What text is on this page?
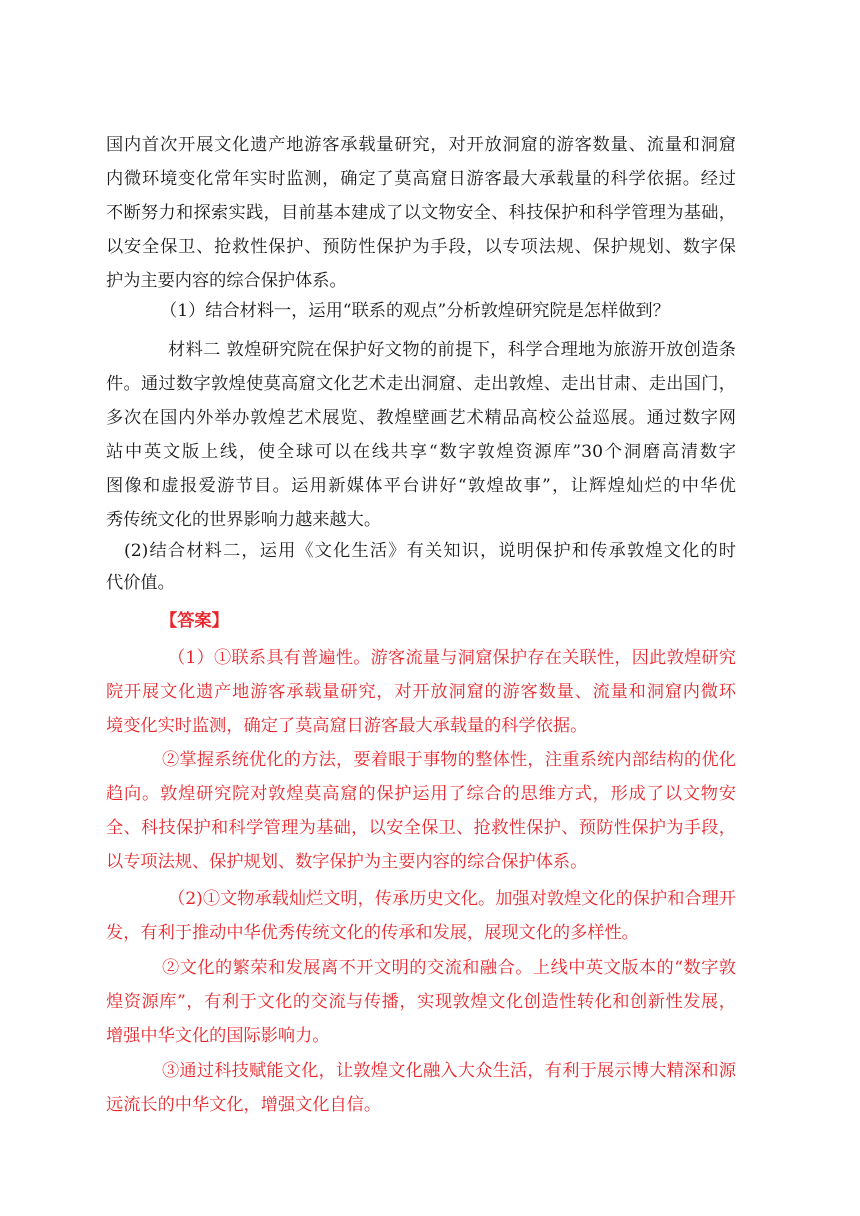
国内首次开展文化遗产地游客承载量研究，对开放洞窟的游客数量、流量和洞窟
内微环境变化常年实时监测，确定了莫高窟日游客最大承载量的科学依据。经过
不断努力和探索实践，目前基本建成了以文物安全、科技保护和科学管理为基础，
以安全保卫、抢救性保护、预防性保护为手段，以专项法规、保护规划、数字保
护为主要内容的综合保护体系。
（1）结合材料一，运用“联系的观点”分析敦煌研究院是怎样做到？
材料二 敦煌研究院在保护好文物的前提下，科学合理地为旅游开放创造条
件。通过数字敦煌使莫高窟文化艺术走出洞窟、走出敦煌、走出甘肃、走出国门，
多次在国内外举办敦煌艺术展览、教煌壁画艺术精品高校公益巡展。通过数字网
站中英文版上线，使全球可以在线共享“数字敦煌资源库”30个洞磨高清数字
图像和虚报爱游节目。运用新媒体平台讲好“敦煌故事”，让辉煌灿烂的中华优
秀传统文化的世界影响力越来越大。
(2)结合材料二，运用《文化生活》有关知识，说明保护和传承敦煌文化的时
代价值。
【答案】
（1）①联系具有普遍性。游客流量与洞窟保护存在关联性，因此敦煌研究
院开展文化遗产地游客承载量研究，对开放洞窟的游客数量、流量和洞窟内微环
境变化实时监测，确定了莫高窟日游客最大承载量的科学依据。
②掌握系统优化的方法，要着眼于事物的整体性，注重系统内部结构的优化
趋向。敦煌研究院对敦煌莫高窟的保护运用了综合的思维方式，形成了以文物安
全、科技保护和科学管理为基础，以安全保卫、抢救性保护、预防性保护为手段，
以专项法规、保护规划、数字保护为主要内容的综合保护体系。
（2)①文物承载灿烂文明，传承历史文化。加强对敦煌文化的保护和合理开
发，有利于推动中华优秀传统文化的传承和发展，展现文化的多样性。
②文化的繁荣和发展离不开文明的交流和融合。上线中英文版本的“数字敦
煌资源库”，有利于文化的交流与传播，实现敦煌文化创造性转化和创新性发展，
增强中华文化的国际影响力。
③通过科技赋能文化，让敦煌文化融入大众生活，有利于展示博大精深和源
远流长的中华文化，增强文化自信。
